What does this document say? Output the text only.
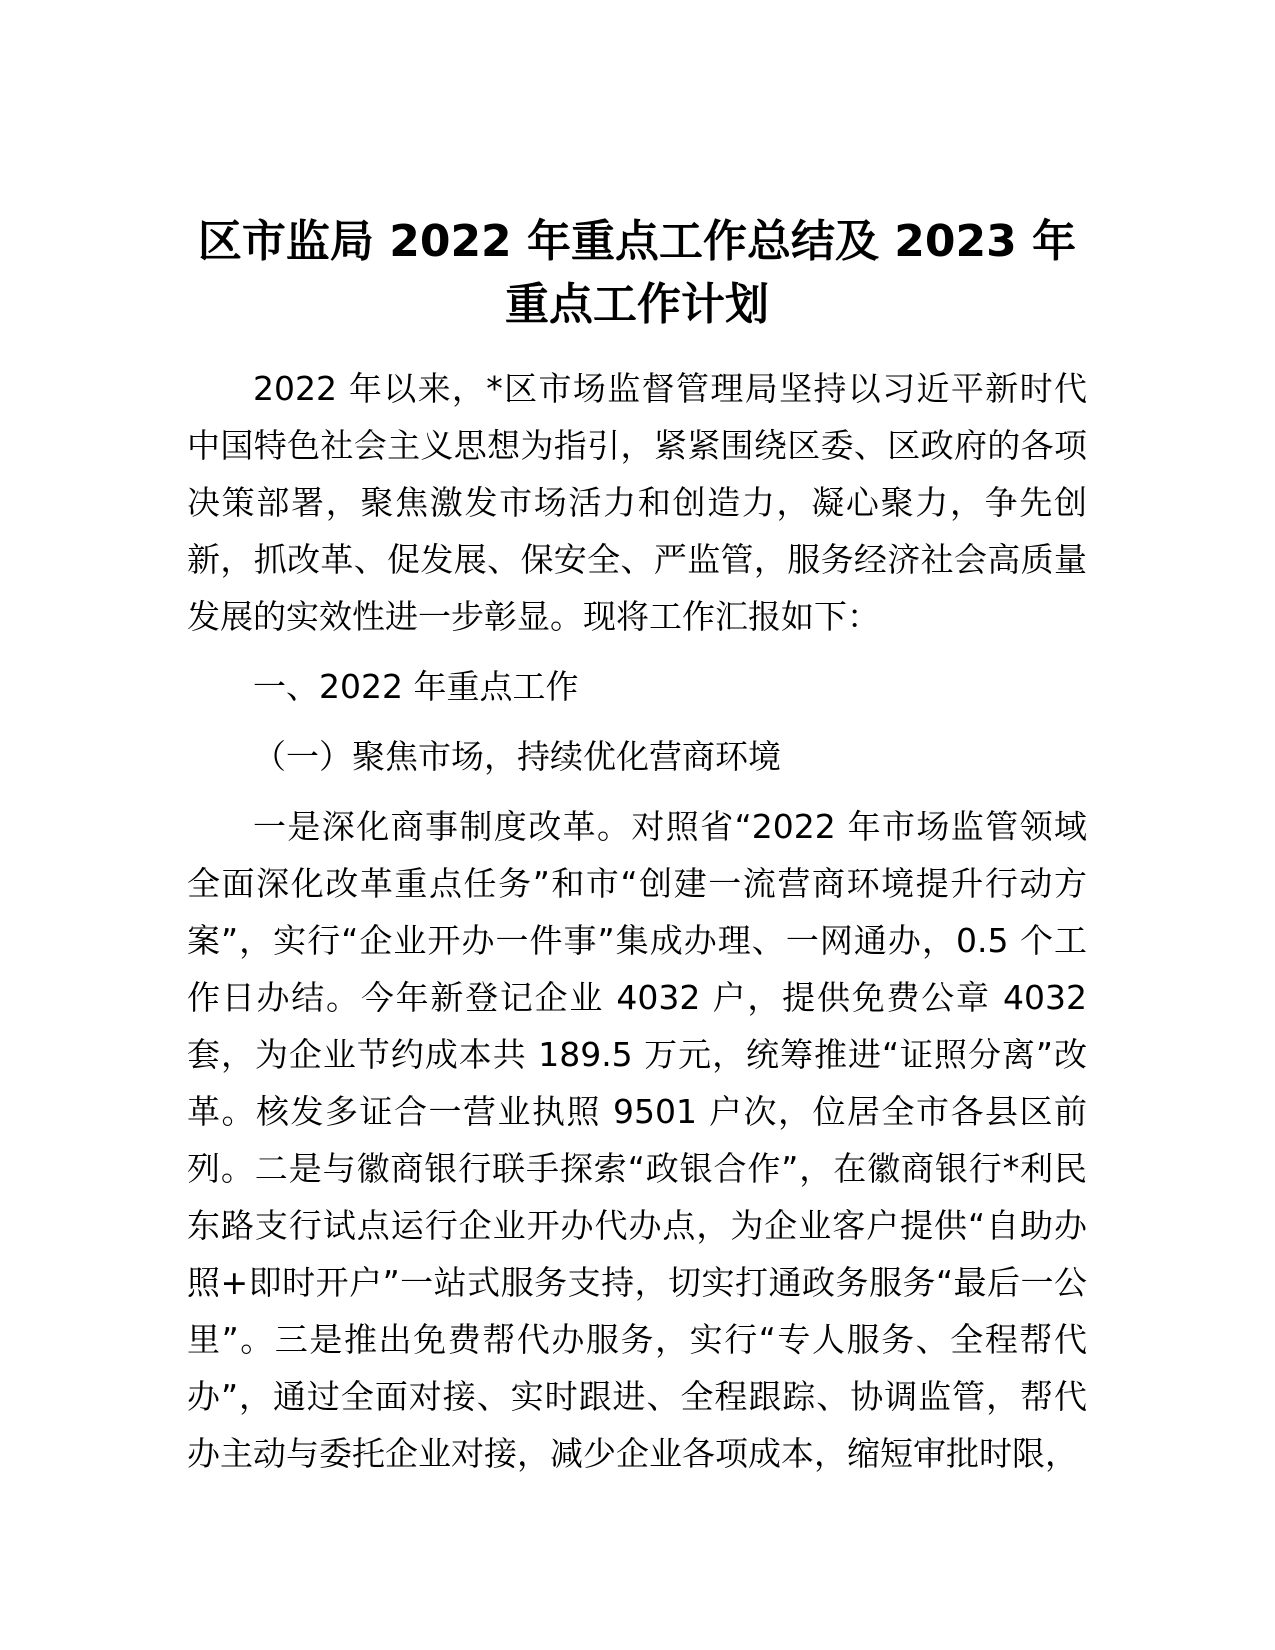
区市监局 2022 年重点工作总结及 2023 年重点工作计划

2022 年以来，*区市场监督管理局坚持以习近平新时代中国特色社会主义思想为指引，紧紧围绕区委、区政府的各项决策部署，聚焦激发市场活力和创造力，凝心聚力，争先创新，抓改革、促发展、保安全、严监管，服务经济社会高质量发展的实效性进一步彰显。现将工作汇报如下：

一、2022 年重点工作

（一）聚焦市场，持续优化营商环境

一是深化商事制度改革。对照省“2022 年市场监管领域全面深化改革重点任务”和市“创建一流营商环境提升行动方案”，实行“企业开办一件事”集成办理、一网通办，0.5 个工作日办结。今年新登记企业 4032 户，提供免费公章 4032 套，为企业节约成本共 189.5 万元，统筹推进“证照分离”改革。核发多证合一营业执照 9501 户次，位居全市各县区前列。二是与徽商银行联手探索“政银合作”，在徽商银行*利民东路支行试点运行企业开办代办点，为企业客户提供“自助办照+即时开户”一站式服务支持，切实打通政务服务“最后一公里”。三是推出免费帮代办服务，实行“专人服务、全程帮代办”，通过全面对接、实时跟进、全程跟踪、协调监管，帮代办主动与委托企业对接，减少企业各项成本，缩短审批时限，
